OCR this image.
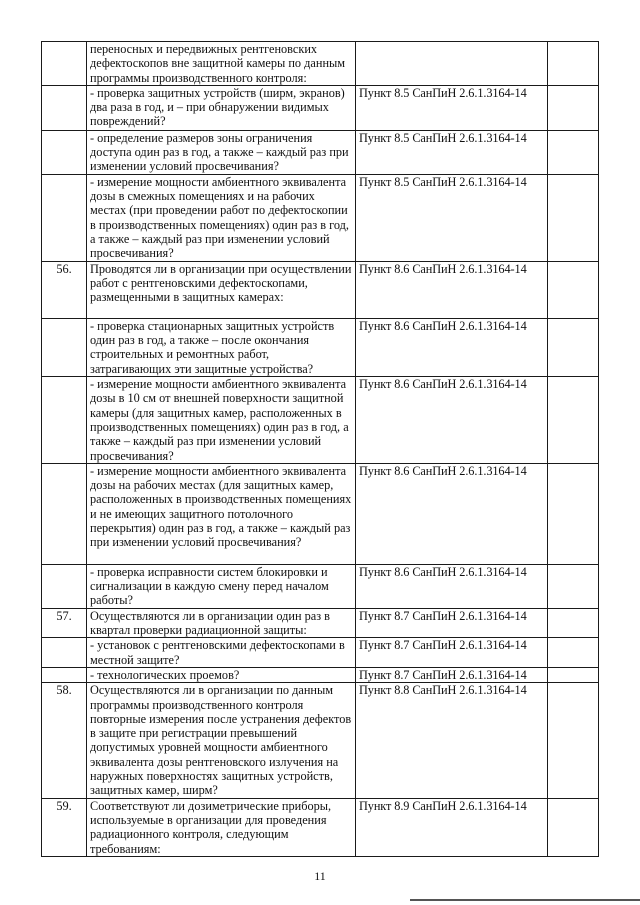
	переносных и передвижных рентгеновских дефектоскопов вне защитной камеры по данным программы производственного контроля:		
	- проверка защитных устройств (ширм, экранов) два раза в год, и – при обнаружении видимых повреждений?	Пункт 8.5 СанПиН 2.6.1.3164-14	
	- определение размеров зоны ограничения доступа один раз в год, а также – каждый раз при изменении условий просвечивания?	Пункт 8.5 СанПиН 2.6.1.3164-14	
	- измерение мощности амбиентного эквивалента дозы в смежных помещениях и на рабочих местах (при проведении работ по дефектоскопии в производственных помещениях) один раз в год, а также – каждый раз при изменении условий просвечивания?	Пункт 8.5 СанПиН 2.6.1.3164-14	
56.	Проводятся ли в организации при осуществлении работ с рентгеновскими дефектоскопами, размещенными в защитных камерах:	Пункт 8.6 СанПиН 2.6.1.3164-14	
	- проверка стационарных защитных устройств один раз в год, а также – после окончания строительных и ремонтных работ, затрагивающих эти защитные устройства?	Пункт 8.6 СанПиН 2.6.1.3164-14	
	- измерение мощности амбиентного эквивалента дозы в 10 см от внешней поверхности защитной камеры (для защитных камер, расположенных в производственных помещениях) один раз в год, а также – каждый раз при изменении условий просвечивания?	Пункт 8.6 СанПиН 2.6.1.3164-14	
	- измерение мощности амбиентного эквивалента дозы на рабочих местах (для защитных камер, расположенных в производственных помещениях и не имеющих защитного потолочного перекрытия) один раз в год, а также – каждый раз при изменении условий просвечивания?	Пункт 8.6 СанПиН 2.6.1.3164-14	
	- проверка исправности систем блокировки и сигнализации в каждую смену перед началом работы?	Пункт 8.6 СанПиН 2.6.1.3164-14	
57.	Осуществляются ли в организации один раз в квартал проверки радиационной защиты:	Пункт 8.7 СанПиН 2.6.1.3164-14	
	- установок с рентгеновскими дефектоскопами в местной защите?	Пункт 8.7 СанПиН 2.6.1.3164-14	
	- технологических проемов?	Пункт 8.7 СанПиН 2.6.1.3164-14	
58.	Осуществляются ли в организации по данным программы производственного контроля повторные измерения после устранения дефектов в защите при регистрации превышений допустимых уровней мощности амбиентного эквивалента дозы рентгеновского излучения на наружных поверхностях защитных устройств, защитных камер, ширм?	Пункт 8.8 СанПиН 2.6.1.3164-14	
59.	Соответствуют ли дозиметрические приборы, используемые в организации для проведения радиационного контроля, следующим требованиям:	Пункт 8.9 СанПиН 2.6.1.3164-14	
11
